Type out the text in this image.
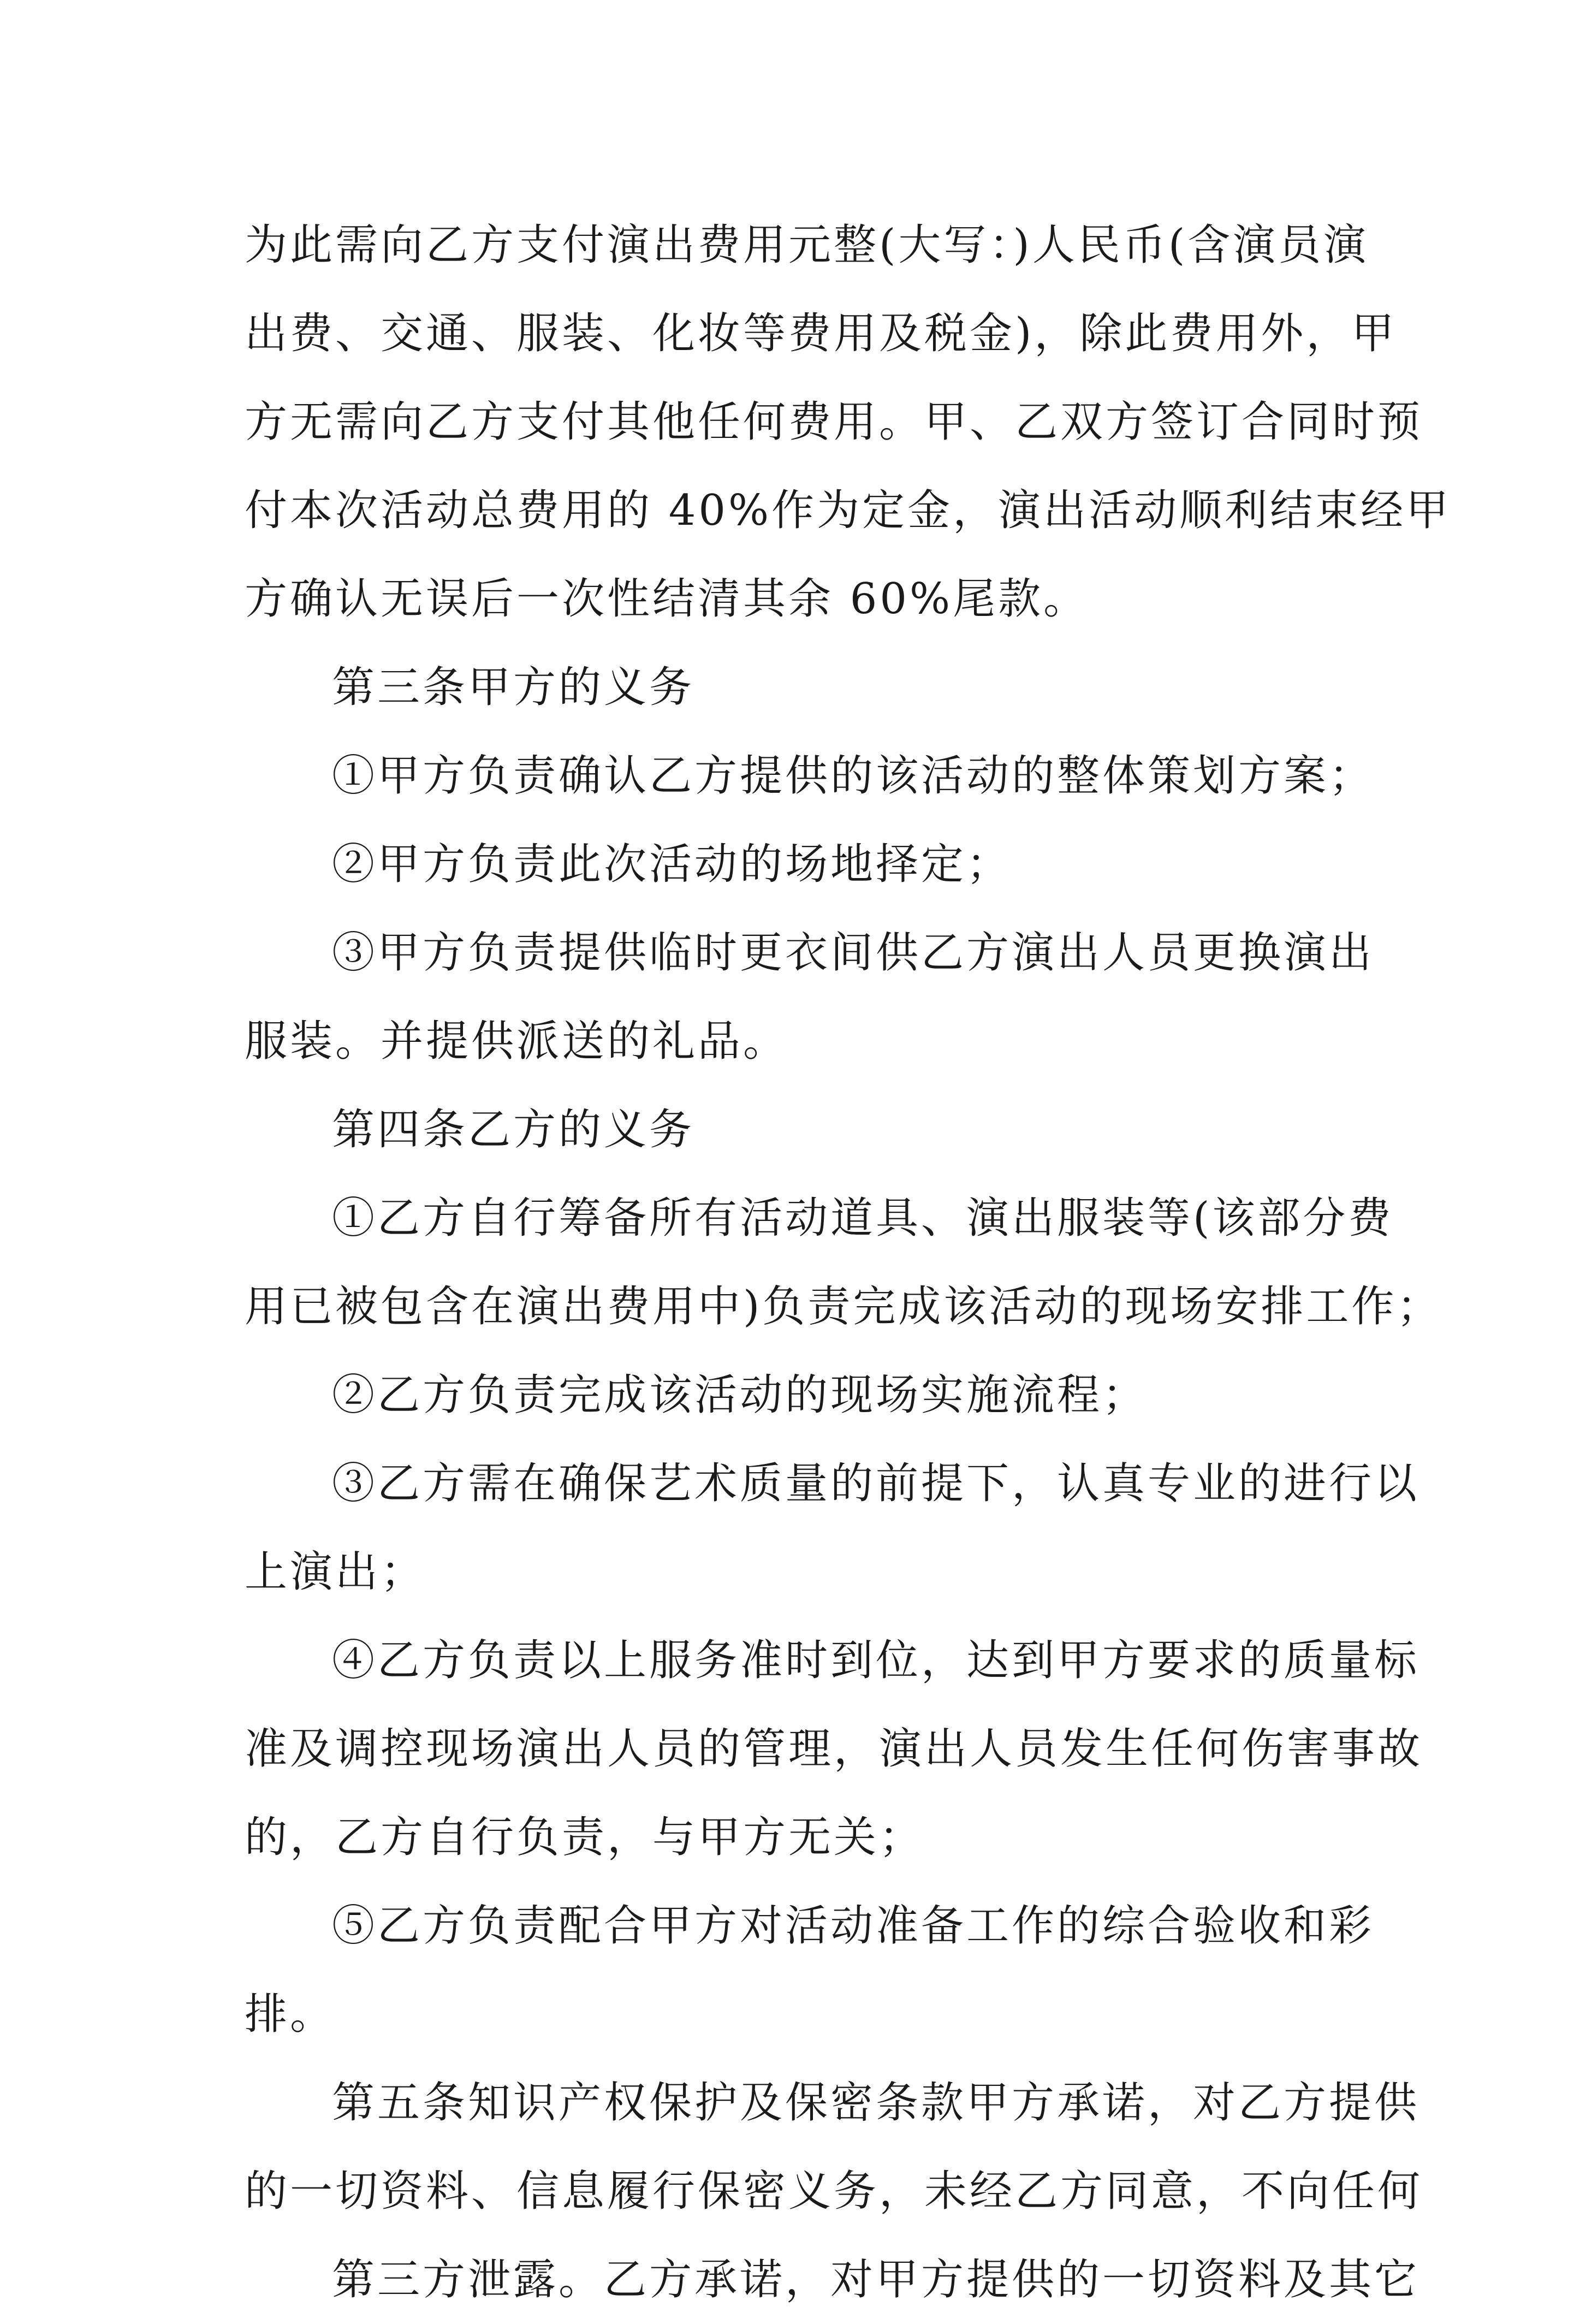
为此需向乙方支付演出费用元整(大写：)人民币(含演员演
出费、交通、服装、化妆等费用及税金)，除此费用外，甲
方无需向乙方支付其他任何费用。甲、乙双方签订合同时预
付本次活动总费用的 40%作为定金，演出活动顺利结束经甲
方确认无误后一次性结清其余 60%尾款。
第三条甲方的义务
①甲方负责确认乙方提供的该活动的整体策划方案；
②甲方负责此次活动的场地择定；
③甲方负责提供临时更衣间供乙方演出人员更换演出
服装。并提供派送的礼品。
第四条乙方的义务
①乙方自行筹备所有活动道具、演出服装等(该部分费
用已被包含在演出费用中)负责完成该活动的现场安排工作；
②乙方负责完成该活动的现场实施流程；
③乙方需在确保艺术质量的前提下，认真专业的进行以
上演出；
④乙方负责以上服务准时到位，达到甲方要求的质量标
准及调控现场演出人员的管理，演出人员发生任何伤害事故
的，乙方自行负责，与甲方无关；
⑤乙方负责配合甲方对活动准备工作的综合验收和彩
排。
第五条知识产权保护及保密条款甲方承诺，对乙方提供
的一切资料、信息履行保密义务，未经乙方同意，不向任何
第三方泄露。乙方承诺，对甲方提供的一切资料及其它
